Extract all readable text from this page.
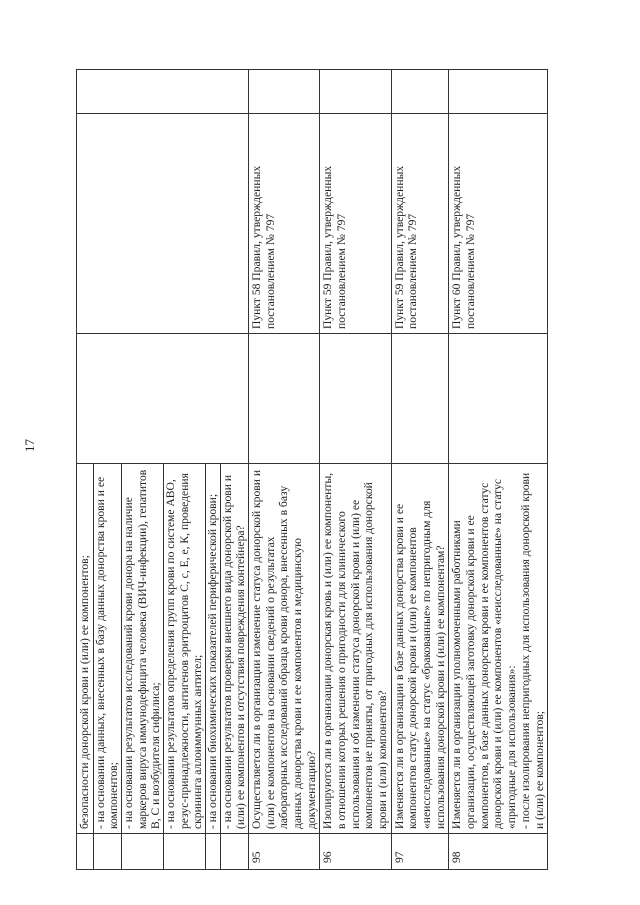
17

	безопасности донорской крови и (или) ее компонентов;			

	- на основании данных, внесенных в базу данных донорства крови и ее компонентов;			
	- на основании результатов исследований крови донора на наличие маркеров вируса иммунодефицита человека (ВИЧ-инфекции), гепатитов В, С и возбудителя сифилиса;			
	- на основании результатов определения групп крови по системе АВО, резус-принадлежности, антигенов эритроцитов С, с, Е, е, К, проведения скрининга аллоиммунных антител;			
	- на основании биохимических показателей периферической крови;			
	- на основании результатов проверки внешнего вида донорской крови и (или) ее компонентов и отсутствия повреждения контейнера?			
95	Осуществляется ли в организации изменение статуса донорской крови и (или) ее компонентов на основании сведений о результатах лабораторных исследований образца крови донора, внесенных в базу данных донорства крови и ее компонентов и медицинскую документацию?		Пункт 58 Правил, утвержденных постановлением № 797	
96	Изолируются ли в организации донорская кровь и (или) ее компоненты, в отношении которых решения о пригодности для клинического использования и об изменении статуса донорской крови и (или) ее компонентов не приняты, от пригодных для использования донорской крови и (или) компонентов?		Пункт 59 Правил, утвержденных постановлением № 797	
97	Изменяется ли в организации в базе данных донорства крови и ее компонентов статус донорской крови и (или) ее компонентов «неисследованные» на статус «бракованные» по непригодным для использования донорской крови и (или) ее компонентам?		Пункт 59 Правил, утвержденных постановлением № 797	
98	Изменяется ли в организации уполномоченными работниками организации, осуществляющей заготовку донорской крови и ее компонентов, в базе данных донорства крови и ее компонентов статус донорской крови и (или) ее компонентов «неисследованные» на статус «пригодные для использования»: - после изолирования непригодных для использования донорской крови и (или) ее компонентов;		Пункт 60 Правил, утвержденных постановлением № 797	
